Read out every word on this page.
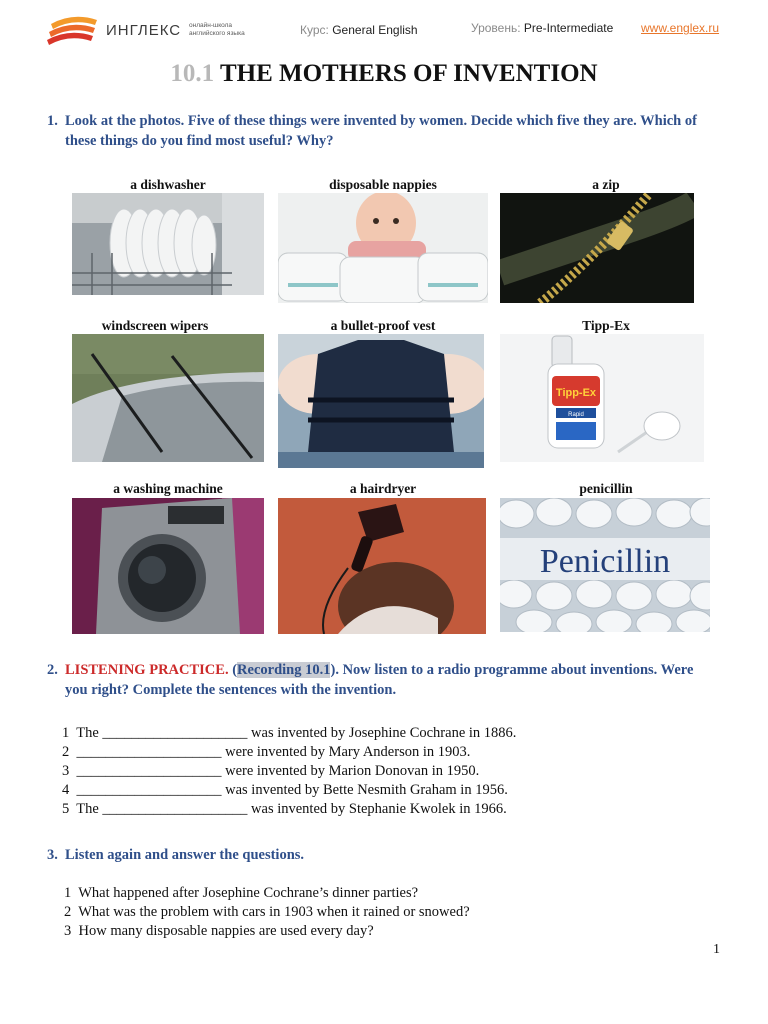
ИНГЛЕКС онлайн-школа английского языка	Курс: General English	Уровень: Pre-Intermediate www.englex.ru
10.1 THE MOTHERS OF INVENTION
1. Look at the photos. Five of these things were invented by women. Decide which five they are. Which of these things do you find most useful? Why?
a dishwasher	disposable nappies	a zip
windscreen wipers	a bullet-proof vest	Tipp-Ex
Tipp-Ex
Rapid
a washing machine	a hairdryer	penicillin
Penicillin
2. LISTENING PRACTICE. (Recording 10.1). Now listen to a radio programme about inventions. Were you right? Complete the sentences with the invention.
1  The ____________________ was invented by Josephine Cochrane in 1886.
2  ____________________ were invented by Mary Anderson in 1903.
3  ____________________ were invented by Marion Donovan in 1950.
4  ____________________ was invented by Bette Nesmith Graham in 1956.
5  The ____________________ was invented by Stephanie Kwolek in 1966.
3. Listen again and answer the questions.
1  What happened after Josephine Cochrane’s dinner parties?
2  What was the problem with cars in 1903 when it rained or snowed?
3  How many disposable nappies are used every day?
1
